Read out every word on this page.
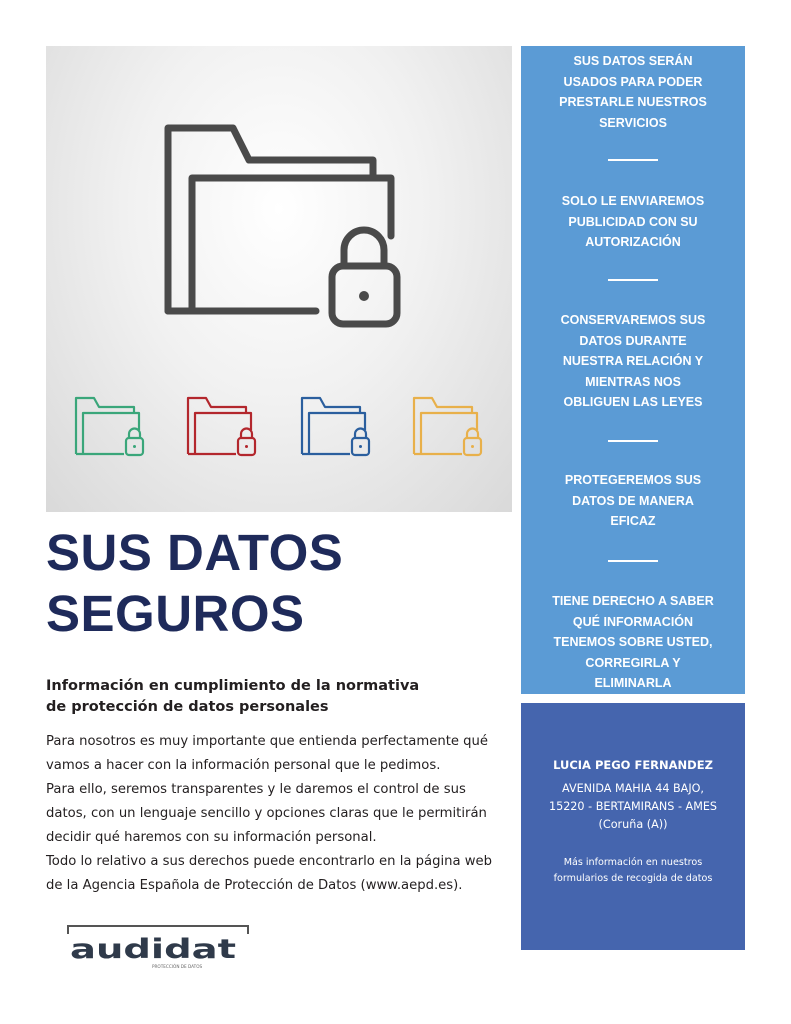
SUS DATOS
SEGUROS
Información en cumplimiento de la normativa
de protección de datos personales

Para nosotros es muy importante que entienda perfectamente qué

vamos a hacer con la información personal que le pedimos.

Para ello, seremos transparentes y le daremos el control de sus

datos, con un lenguaje sencillo y opciones claras que le permitirán

decidir qué haremos con su información personal.

Todo lo relativo a sus derechos puede encontrarlo en la página web

de la Agencia Española de Protección de Datos (www.aepd.es).

audidat
PROTECCIÓN DE DATOS
SUS DATOS SERÁN
USADOS PARA PODER
PRESTARLE NUESTROS
SERVICIOS
SOLO LE ENVIAREMOS
PUBLICIDAD CON SU
AUTORIZACIÓN
CONSERVAREMOS SUS
DATOS DURANTE
NUESTRA RELACIÓN Y
MIENTRAS NOS
OBLIGUEN LAS LEYES
PROTEGEREMOS SUS
DATOS DE MANERA
EFICAZ
TIENE DERECHO A SABER
QUÉ INFORMACIÓN
TENEMOS SOBRE USTED,
CORREGIRLA Y
ELIMINARLA
LUCIA PEGO FERNANDEZ
AVENIDA MAHIA 44 BAJO,
15220 - BERTAMIRANS - AMES
(Coruña (A))
Más información en nuestros
formularios de recogida de datos
